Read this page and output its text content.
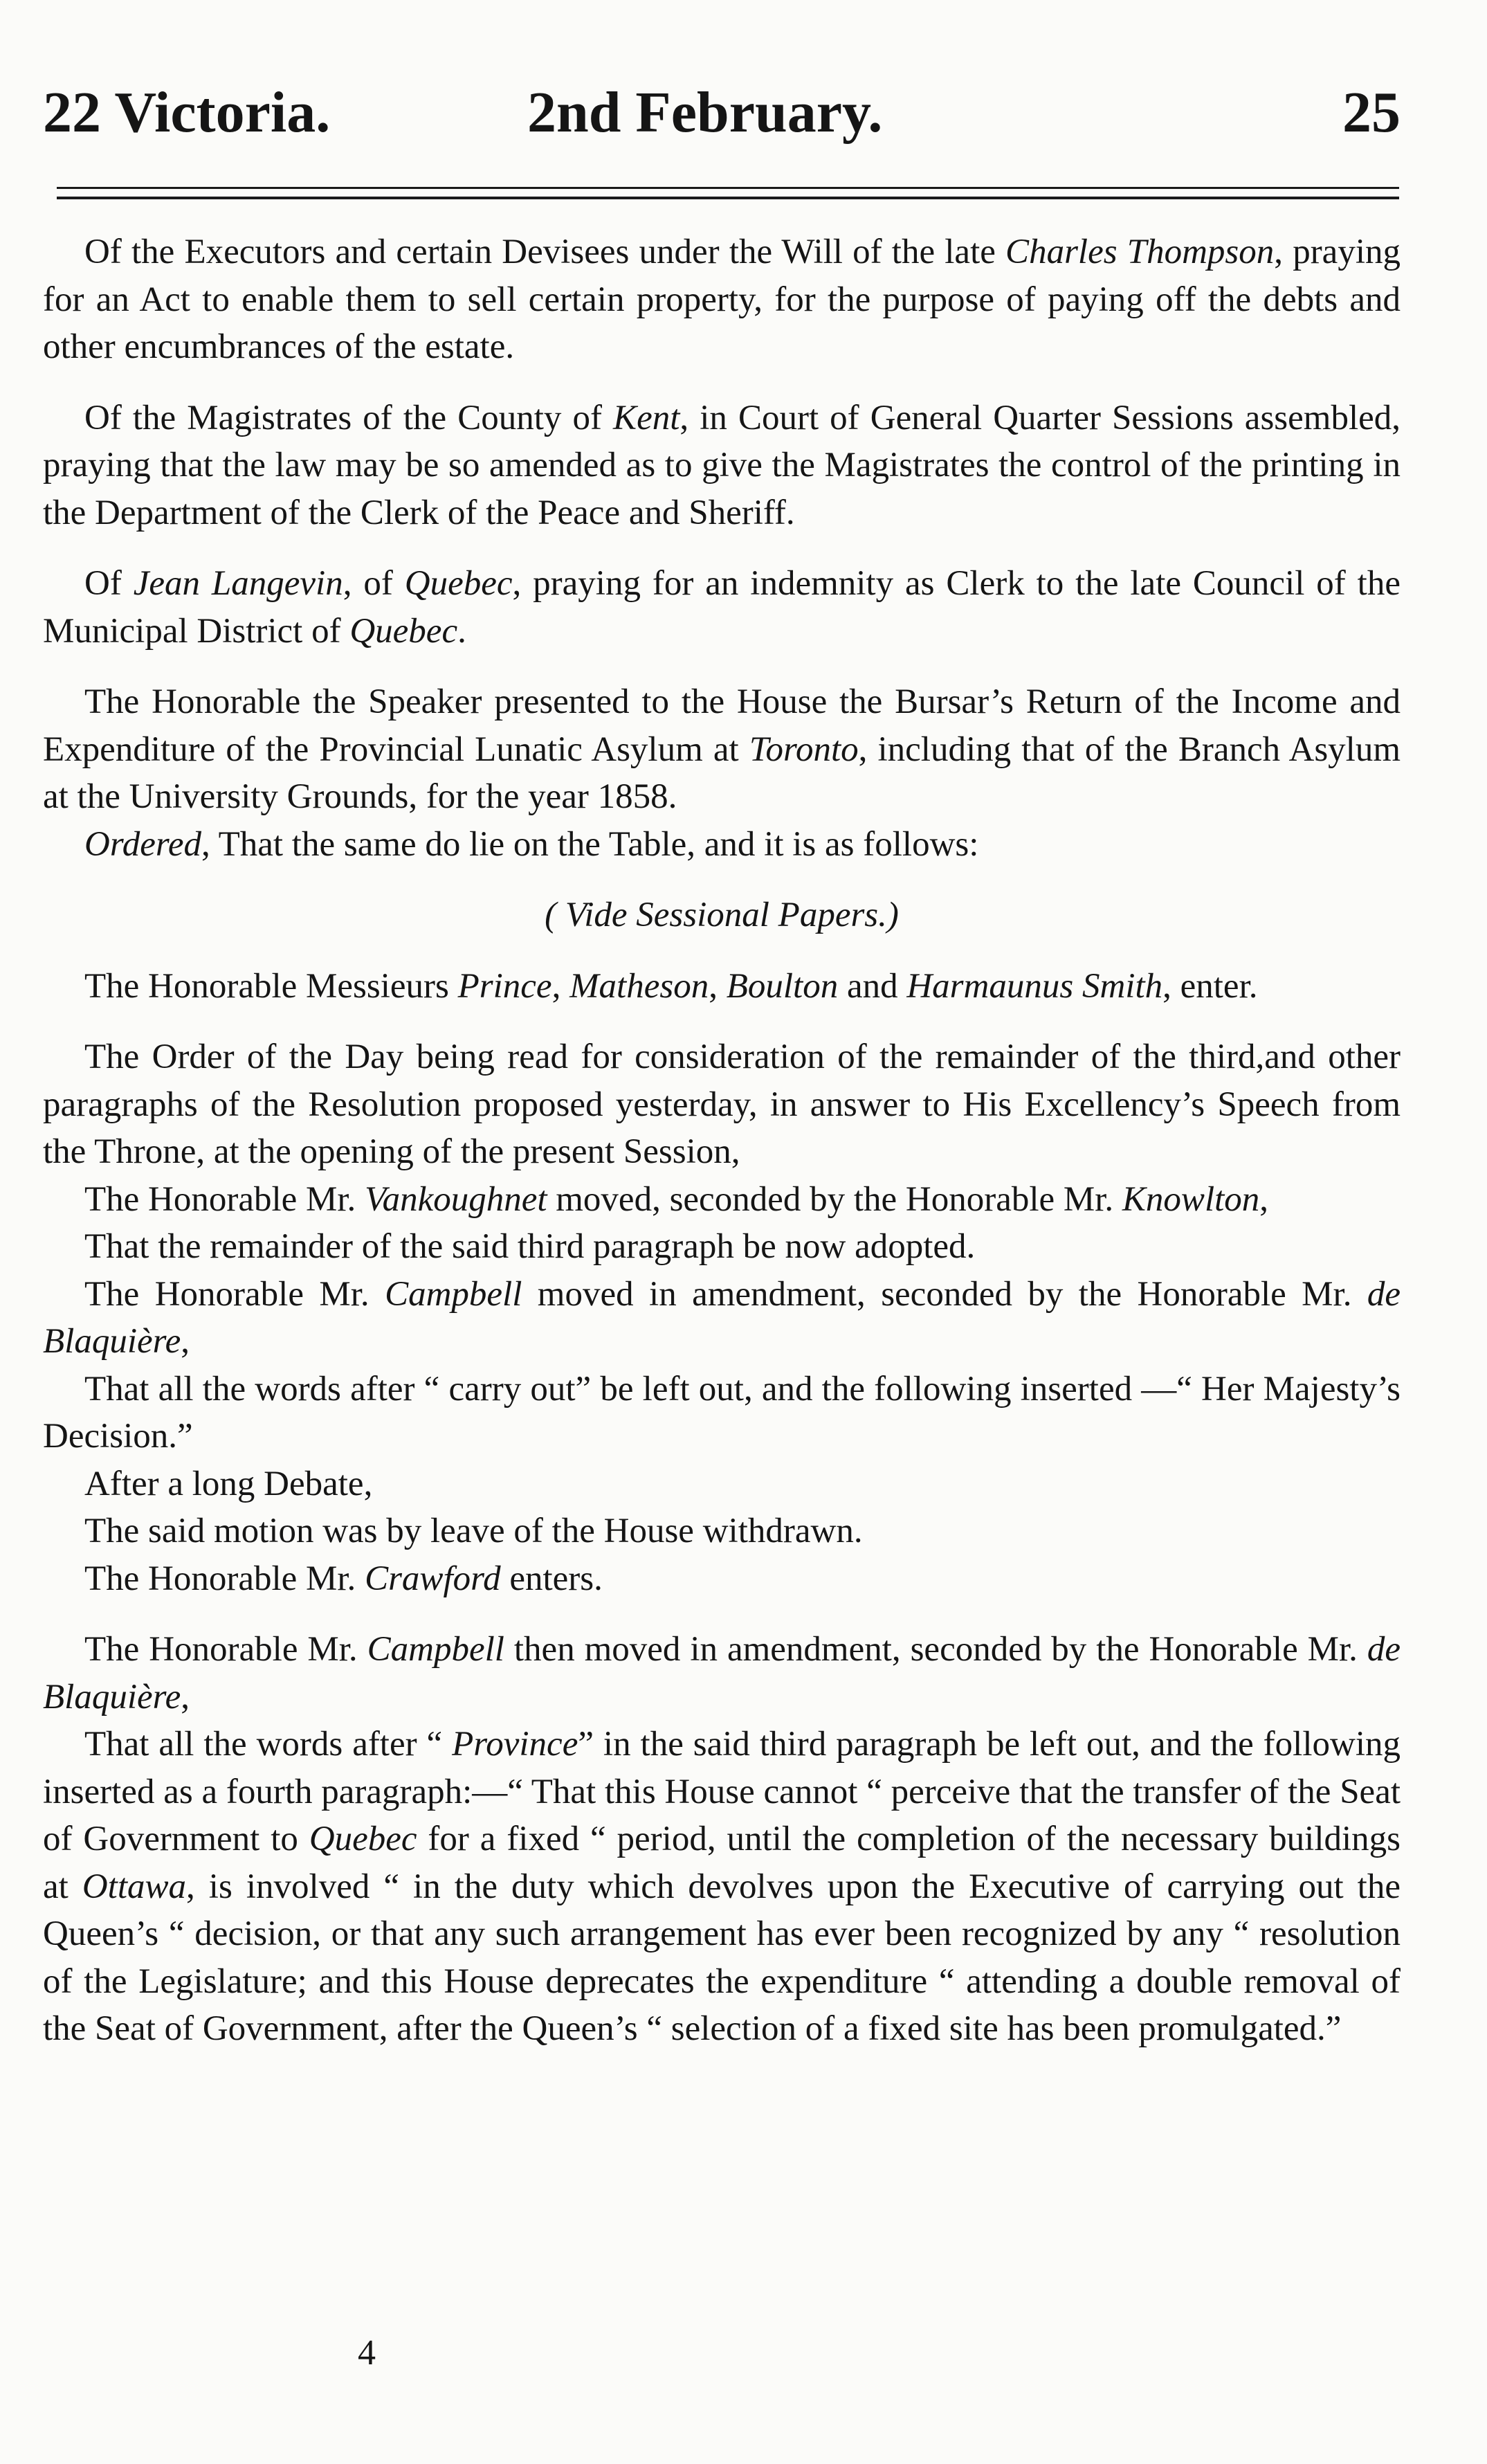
22 Victoria.	2nd February.	25

Of the Executors and certain Devisees under the Will of the late Charles Thompson, praying for an Act to enable them to sell certain property, for the purpose of paying off the debts and other encumbrances of the estate.

Of the Magistrates of the County of Kent, in Court of General Quarter Sessions assembled, praying that the law may be so amended as to give the Magistrates the control of the printing in the Department of the Clerk of the Peace and Sheriff.

Of Jean Langevin, of Quebec, praying for an indemnity as Clerk to the late Council of the Municipal District of Quebec.

The Honorable the Speaker presented to the House the Bursar’s Return of the Income and Expenditure of the Provincial Lunatic Asylum at Toronto, including that of the Branch Asylum at the University Grounds, for the year 1858.

Ordered, That the same do lie on the Table, and it is as follows:

( Vide Sessional Papers.)

The Honorable Messieurs Prince, Matheson, Boulton and Harmaunus Smith, enter.

The Order of the Day being read for consideration of the remainder of the third,and other paragraphs of the Resolution proposed yesterday, in answer to His Excellency’s Speech from the Throne, at the opening of the present Session,

The Honorable Mr. Vankoughnet moved, seconded by the Honorable Mr. Knowlton,

That the remainder of the said third paragraph be now adopted.

The Honorable Mr. Campbell moved in amendment, seconded by the Honorable Mr. de Blaquière,

That all the words after “ carry out” be left out, and the following inserted —“ Her Majesty’s Decision.”

After a long Debate,

The said motion was by leave of the House withdrawn.

The Honorable Mr. Crawford enters.

The Honorable Mr. Campbell then moved in amendment, seconded by the Honorable Mr. de Blaquière,

That all the words after “ Province” in the said third paragraph be left out, and the following inserted as a fourth paragraph:—“ That this House cannot “ perceive that the transfer of the Seat of Government to Quebec for a fixed “ period, until the completion of the necessary buildings at Ottawa, is involved “ in the duty which devolves upon the Executive of carrying out the Queen’s “ decision, or that any such arrangement has ever been recognized by any “ resolution of the Legislature; and this House deprecates the expenditure “ attending a double removal of the Seat of Government, after the Queen’s “ selection of a fixed site has been promulgated.”

4
